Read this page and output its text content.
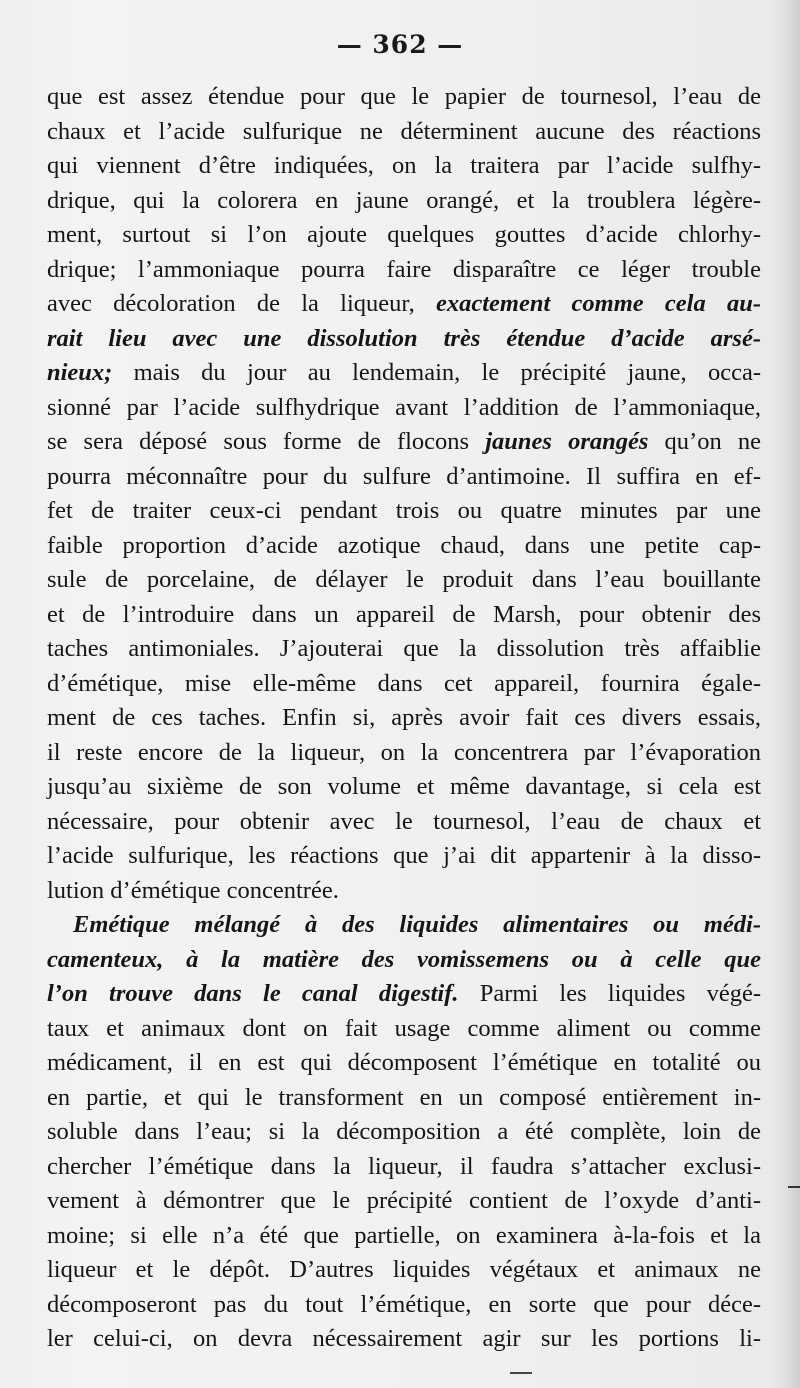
— 362 —
que est assez étendue pour que le papier de tournesol, l’eau de
chaux et l’acide sulfurique ne déterminent aucune des réactions
qui viennent d’être indiquées, on la traitera par l’acide sulfhy-
drique, qui la colorera en jaune orangé, et la troublera légère-
ment, surtout si l’on ajoute quelques gouttes d’acide chlorhy-
drique; l’ammoniaque pourra faire disparaître ce léger trouble
avec décoloration de la liqueur, exactement comme cela au-
rait lieu avec une dissolution très étendue d’acide arsé-
nieux; mais du jour au lendemain, le précipité jaune, occa-
sionné par l’acide sulfhydrique avant l’addition de l’ammoniaque,
se sera déposé sous forme de flocons jaunes orangés qu’on ne
pourra méconnaître pour du sulfure d’antimoine. Il suffira en ef-
fet de traiter ceux-ci pendant trois ou quatre minutes par une
faible proportion d’acide azotique chaud, dans une petite cap-
sule de porcelaine, de délayer le produit dans l’eau bouillante
et de l’introduire dans un appareil de Marsh, pour obtenir des
taches antimoniales. J’ajouterai que la dissolution très affaiblie
d’émétique, mise elle-même dans cet appareil, fournira égale-
ment de ces taches. Enfin si, après avoir fait ces divers essais,
il reste encore de la liqueur, on la concentrera par l’évaporation
jusqu’au sixième de son volume et même davantage, si cela est
nécessaire, pour obtenir avec le tournesol, l’eau de chaux et
l’acide sulfurique, les réactions que j’ai dit appartenir à la disso-
lution d’émétique concentrée.
Emétique mélangé à des liquides alimentaires ou médi-
camenteux, à la matière des vomissemens ou à celle que
l’on trouve dans le canal digestif. Parmi les liquides végé-
taux et animaux dont on fait usage comme aliment ou comme
médicament, il en est qui décomposent l’émétique en totalité ou
en partie, et qui le transforment en un composé entièrement in-
soluble dans l’eau; si la décomposition a été complète, loin de
chercher l’émétique dans la liqueur, il faudra s’attacher exclusi-
vement à démontrer que le précipité contient de l’oxyde d’anti-
moine; si elle n’a été que partielle, on examinera à-la-fois et la
liqueur et le dépôt. D’autres liquides végétaux et animaux ne
décomposeront pas du tout l’émétique, en sorte que pour déce-
ler celui-ci, on devra nécessairement agir sur les portions li-
